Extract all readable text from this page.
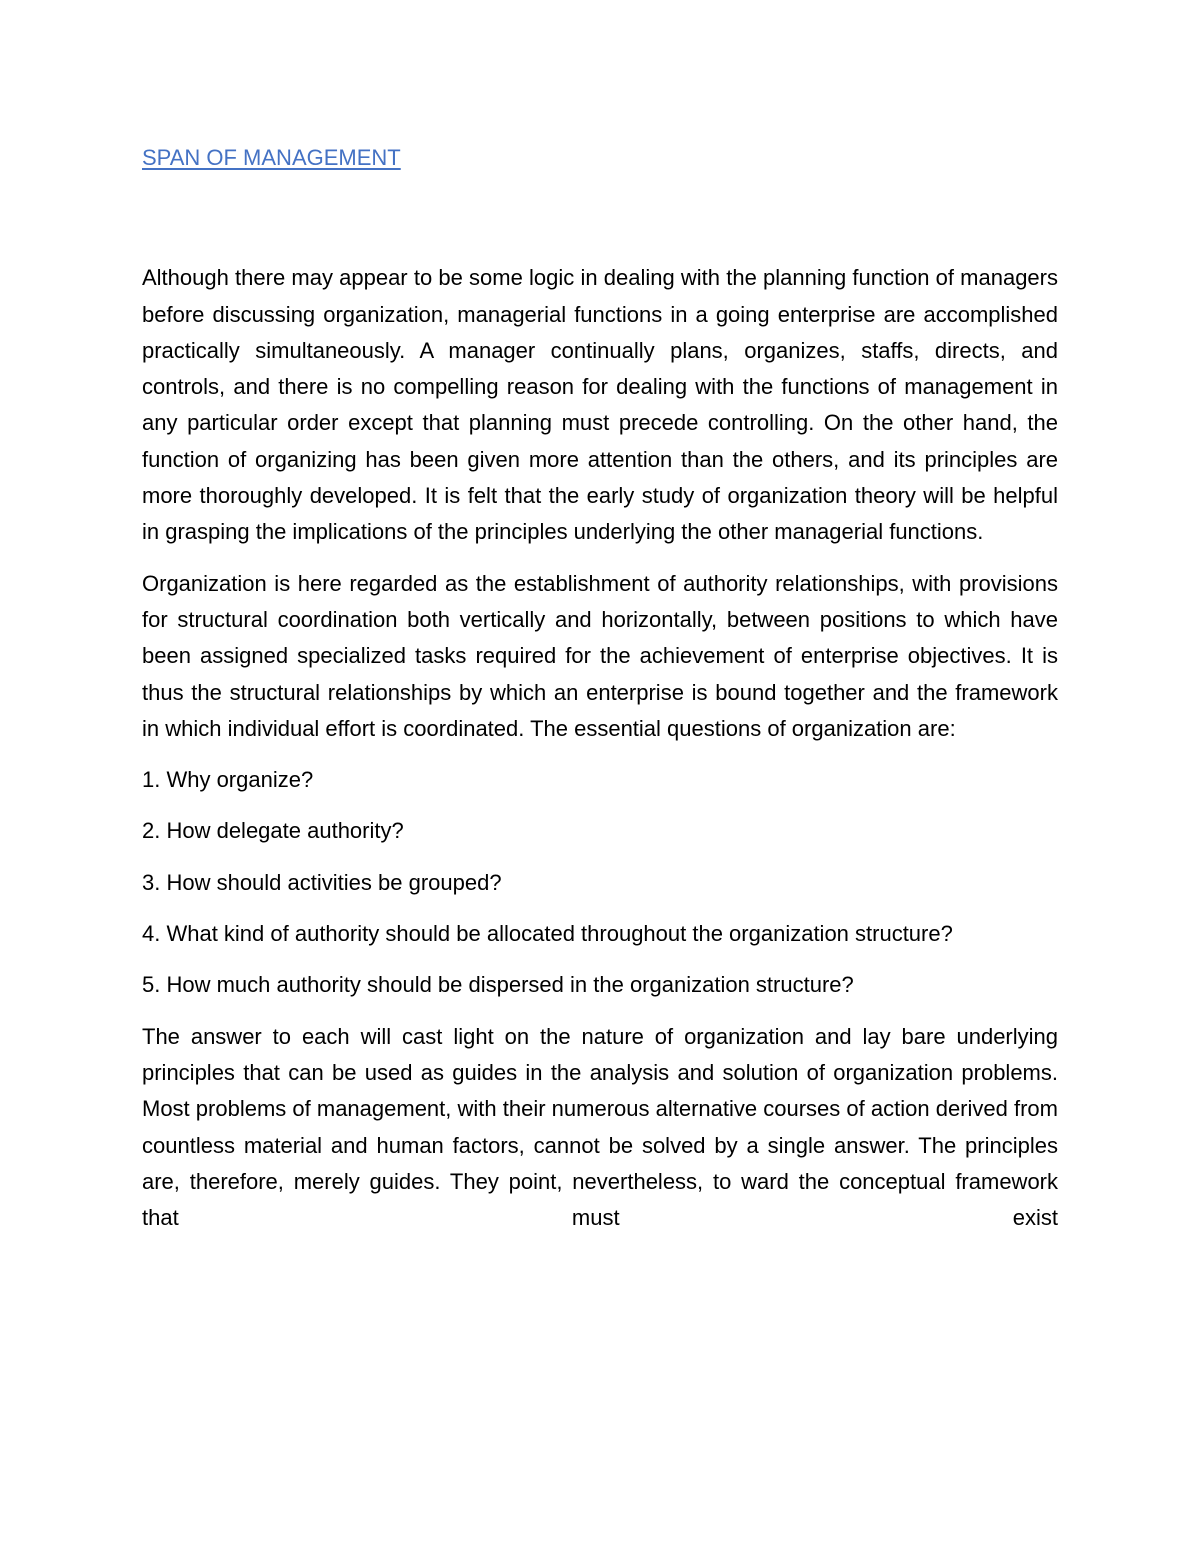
SPAN OF MANAGEMENT

Although there may appear to be some logic in dealing with the planning function of managers before discussing organization, managerial functions in a going enterprise are accomplished practically simultaneously. A manager continually plans, organizes, staffs, directs, and controls, and there is no compelling reason for dealing with the functions of management in any particular order except that planning must precede controlling. On the other hand, the function of organizing has been given more attention than the others, and its principles are more thoroughly developed. It is felt that the early study of organization theory will be helpful in grasping the implications of the principles underlying the other managerial functions.

Organization is here regarded as the establishment of authority relationships, with provisions for structural coordination both vertically and horizontally, between positions to which have been assigned specialized tasks required for the achievement of enterprise objectives. It is thus the structural relationships by which an enterprise is bound together and the framework in which individual effort is coordinated. The essential questions of organization are:

1. Why organize?

2. How delegate authority?

3. How should activities be grouped?

4. What kind of authority should be allocated throughout the organization structure?

5. How much authority should be dispersed in the organization structure?

The answer to each will cast light on the nature of organization and lay bare underlying principles that can be used as guides in the analysis and solution of organization problems. Most problems of management, with their numerous alternative courses of action derived from countless material and human factors, cannot be solved by a single answer. The principles are, therefore, merely guides. They point, nevertheless, to ward the conceptual framework that must exist
